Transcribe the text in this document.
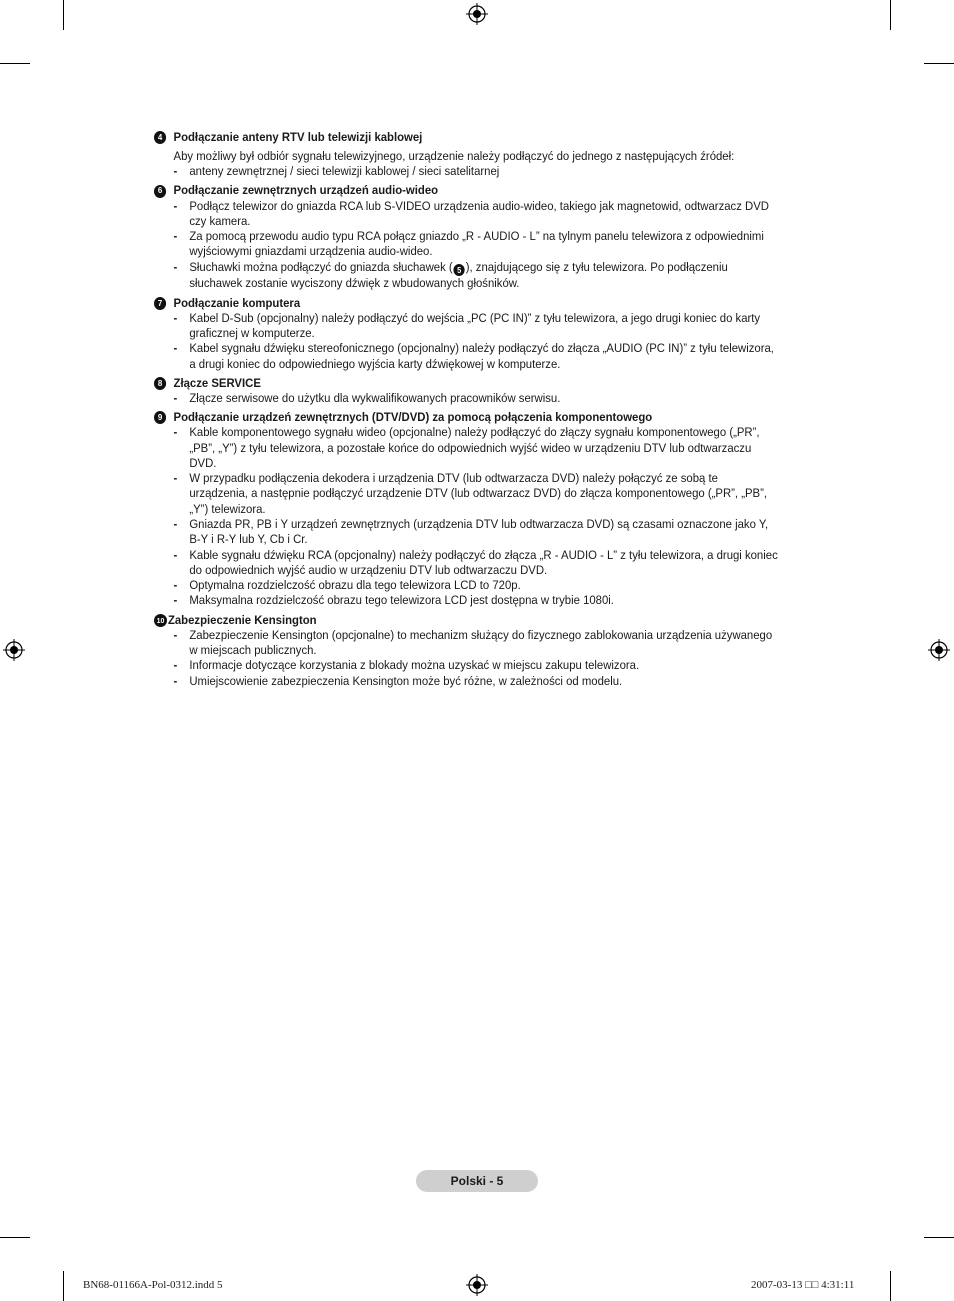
4 Podłączanie anteny RTV lub telewizji kablowej
Aby możliwy był odbiór sygnału telewizyjnego, urządzenie należy podłączyć do jednego z następujących źródeł:
- anteny zewnętrznej / sieci telewizji kablowej / sieci satelitarnej
6 Podłączanie zewnętrznych urządzeń audio-wideo
- Podłącz telewizor do gniazda RCA lub S-VIDEO urządzenia audio-wideo, takiego jak magnetowid, odtwarzacz DVD czy kamera.
- Za pomocą przewodu audio typu RCA połącz gniazdo „R - AUDIO - L” na tylnym panelu telewizora z odpowiednimi wyjściowymi gniazdami urządzenia audio-wideo.
- Słuchawki można podłączyć do gniazda słuchawek ( 5 ), znajdującego się z tyłu telewizora. Po podłączeniu słuchawek zostanie wyciszony dźwięk z wbudowanych głośników.
7 Podłączanie komputera
- Kabel D-Sub (opcjonalny) należy podłączyć do wejścia „PC (PC IN)” z tyłu telewizora, a jego drugi koniec do karty graficznej w komputerze.
- Kabel sygnału dźwięku stereofonicznego (opcjonalny) należy podłączyć do złącza „AUDIO (PC IN)” z tyłu telewizora, a drugi koniec do odpowiedniego wyjścia karty dźwiękowej w komputerze.
8 Złącze SERVICE
- Złącze serwisowe do użytku dla wykwalifikowanych pracowników serwisu.
9 Podłączanie urządzeń zewnętrznych (DTV/DVD) za pomocą połączenia komponentowego
- Kable komponentowego sygnału wideo (opcjonalne) należy podłączyć do złączy sygnału komponentowego („PR”, „PB”, „Y”) z tyłu telewizora, a pozostałe końce do odpowiednich wyjść wideo w urządzeniu DTV lub odtwarzaczu DVD.
- W przypadku podłączenia dekodera i urządzenia DTV (lub odtwarzacza DVD) należy połączyć ze sobą te urządzenia, a następnie podłączyć urządzenie DTV (lub odtwarzacz DVD) do złącza komponentowego („PR”, „PB”, „Y”) telewizora.
- Gniazda PR, PB i Y urządzeń zewnętrznych (urządzenia DTV lub odtwarzacza DVD) są czasami oznaczone jako Y, B-Y i R-Y lub Y, Cb i Cr.
- Kable sygnału dźwięku RCA (opcjonalny) należy podłączyć do złącza „R - AUDIO - L” z tyłu telewizora, a drugi koniec do odpowiednich wyjść audio w urządzeniu DTV lub odtwarzaczu DVD.
- Optymalna rozdzielczość obrazu dla tego telewizora LCD to 720p.
- Maksymalna rozdzielczość obrazu tego telewizora LCD jest dostępna w trybie 1080i.
10 Zabezpieczenie Kensington
- Zabezpieczenie Kensington (opcjonalne) to mechanizm służący do fizycznego zablokowania urządzenia używanego w miejscach publicznych.
- Informacje dotyczące korzystania z blokady można uzyskać w miejscu zakupu telewizora.
- Umiejscowienie zabezpieczenia Kensington może być różne, w zależności od modelu.
Polski - 5
BN68-01166A-Pol-0312.indd 5	2007-03-13 □□ 4:31:11
